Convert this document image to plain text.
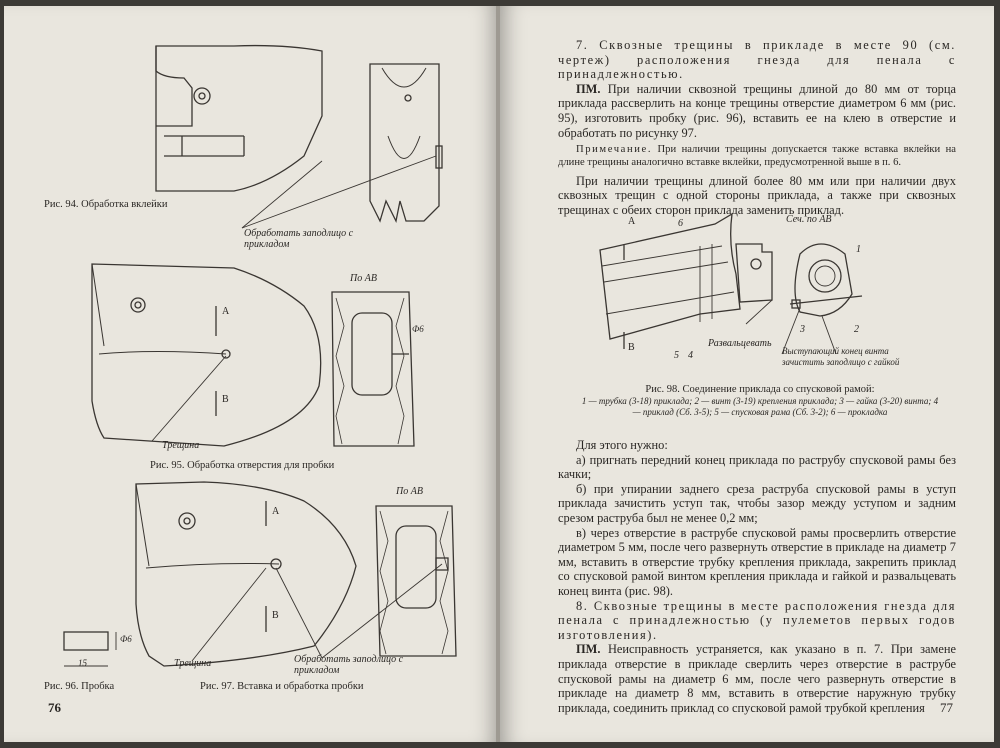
Рис. 94. Обработка вклейки
Обработать заподлицо с прикладом
По АВ
А
В
Ф6
Трещина
Рис. 95. Обработка отверстия для пробки
По АВ
А
В
Ф6
15	Трещина	Обработать заподлицо с прикладом
Рис. 96. Пробка	Рис. 97. Вставка и обработка пробки
76

7. Сквозные трещины в прикладе в месте 90 (см. чертеж) расположения гнезда для пенала с принадлежностью.

ПМ. При наличии сквозной трещины длиной до 80 мм от торца приклада рассверлить на конце трещины отверстие диаметром 6 мм (рис. 95), изготовить пробку (рис. 96), вставить ее на клею в отверстие и обработать по рисунку 97.

Примечание. При наличии трещины допускается также вставка вклейки на длине трещины аналогично вставке вклейки, предусмотренной выше в п. 6.

При наличии трещины длиной более 80 мм или при наличии двух сквозных трещин с одной стороны приклада, а также при сквозных трещинах с обеих сторон приклада заменить приклад.

А
В
6
5 4
Сеч. по АВ
1
2
3
Развальцевать
Выступающий конец винта зачистить заподлицо с гайкой
Рис. 98. Соединение приклада со спусковой рамой:
1 — трубка (3-18) приклада; 2 — винт (3-19) крепления приклада; 3 — гайка (3-20) винта; 4 — приклад (Сб. 3-5); 5 — спусковая рама (Сб. 3-2); 6 — прокладка

Для этого нужно:

а) пригнать передний конец приклада по раструбу спусковой рамы без качки;

б) при упирании заднего среза раструба спусковой рамы в уступ приклада зачистить уступ так, чтобы зазор между уступом и задним срезом раструба был не менее 0,2 мм;

в) через отверстие в раструбе спусковой рамы просверлить отверстие диаметром 5 мм, после чего развернуть отверстие в прикладе на диаметр 7 мм, вставить в отверстие трубку крепления приклада, закрепить приклад со спусковой рамой винтом крепления приклада и гайкой и развальцевать конец винта (рис. 98).

8. Сквозные трещины в месте расположения гнезда для пенала с принадлежностью (у пулеметов первых годов изготовления).

ПМ. Неисправность устраняется, как указано в п. 7. При замене приклада отверстие в прикладе сверлить через отверстие в раструбе спусковой рамы на диаметр 6 мм, после чего развернуть отверстие в прикладе на диаметр 8 мм, вставить в отверстие наружную трубку приклада, соединить приклад со спусковой рамой трубкой крепления	77
